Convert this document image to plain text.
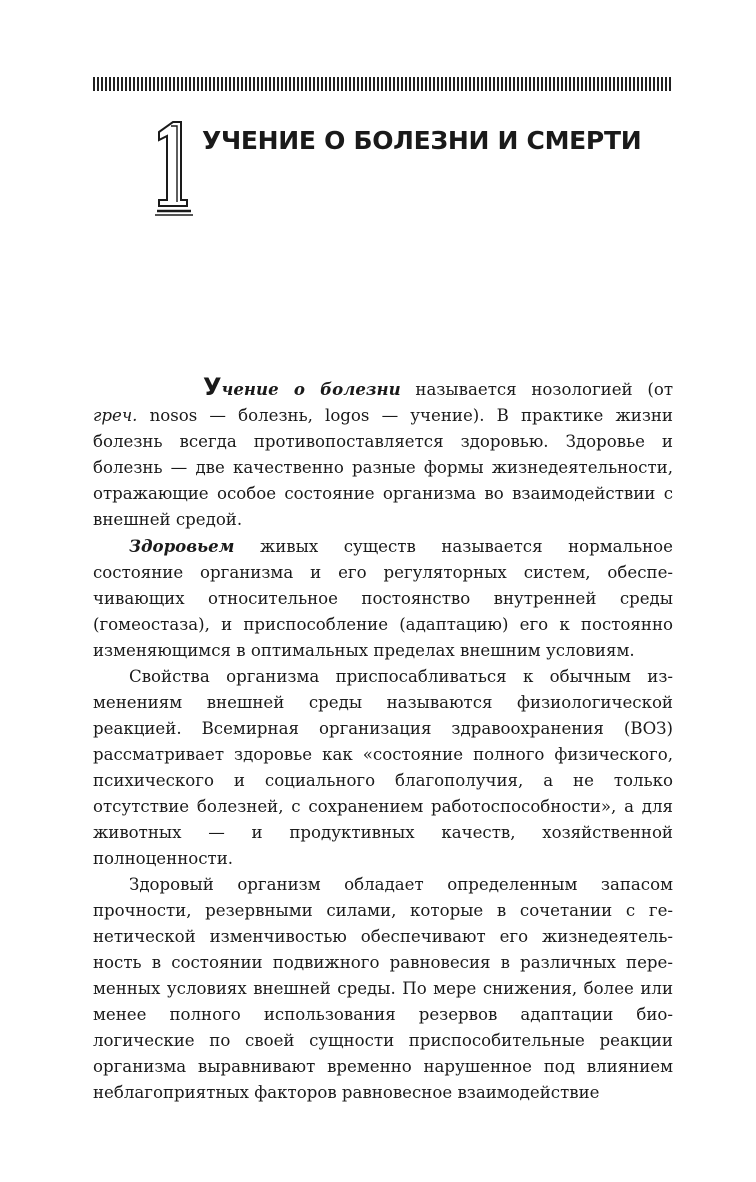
УЧЕНИЕ О БОЛЕЗНИ И СМЕРТИ

Учение о болезни называется нозологией (от греч. nosos — болезнь, logos — учение). В практике жизни болезнь всегда противопоставляется здоровью. Здоровье и болезнь — две качественно разные формы жизнедеятельности, отражающие особое состояние организма во взаимодействии с внешней средой.

Здоровьем живых существ называется нормальное состояние организма и его регуляторных систем, обеспечивающих относительное постоянство внутренней среды (гомеостаза), и приспособление (адаптацию) его к постоянно изменяющимся в оптимальных пределах внешним условиям.

Свойства организма приспосабливаться к обычным изменениям внешней среды называются физиологической реакцией. Всемирная организация здравоохранения (ВОЗ) рассматривает здоровье как «состояние полного физического, психического и социального благополучия, а не только отсутствие болезней, с сохранением работоспособности», а для животных — и продуктивных качеств, хозяйственной полноценности.

Здоровый организм обладает определенным запасом прочности, резервными силами, которые в сочетании с генетической изменчивостью обеспечивают его жизнедеятельность в состоянии подвижного равновесия в различных переменных условиях внешней среды. По мере снижения, более или менее полного использования резервов адаптации биологические по своей сущности приспособительные реакции организма выравнивают временно нарушенное под влиянием неблагоприятных факторов равновесное взаимодействие
